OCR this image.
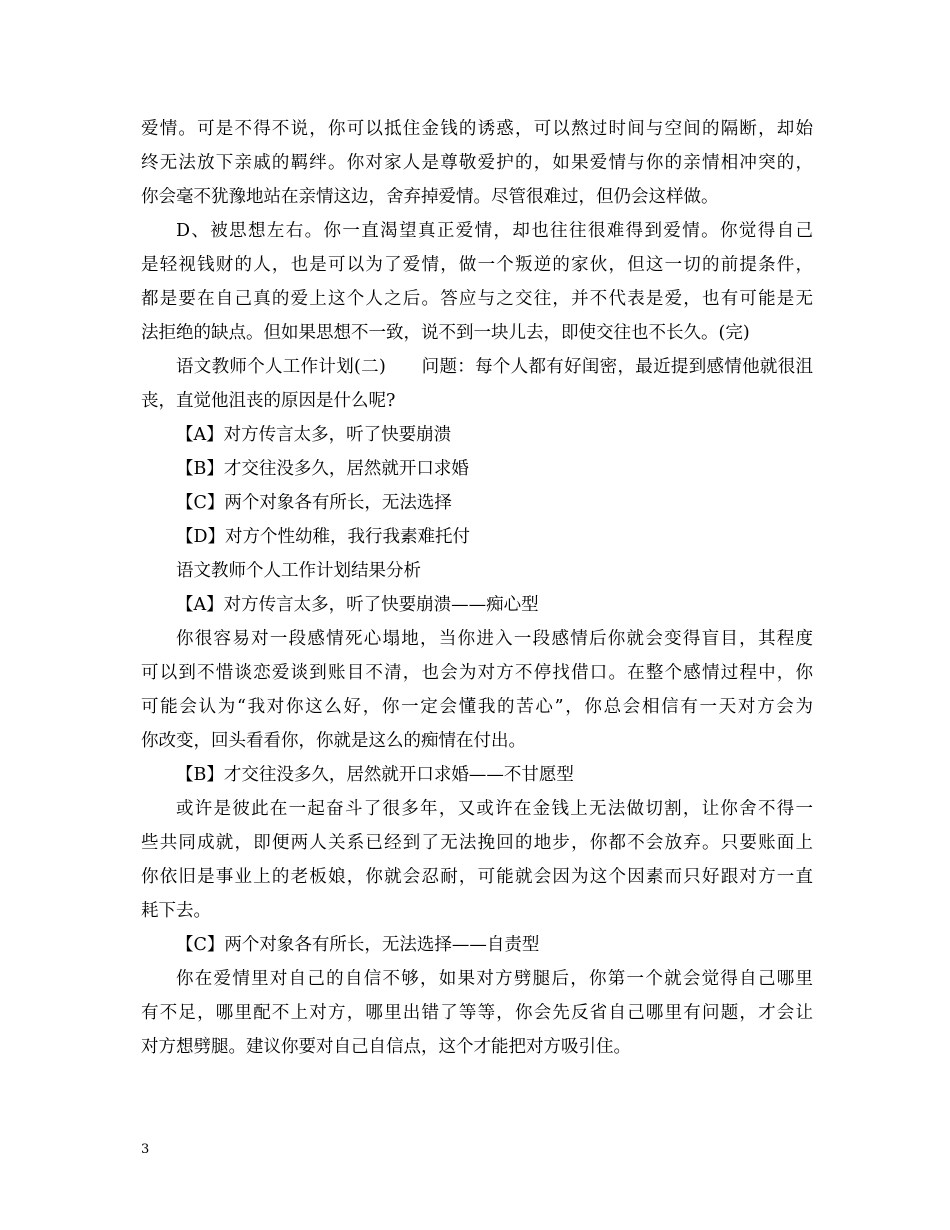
爱情。可是不得不说，你可以抵住金钱的诱惑，可以熬过时间与空间的隔断，却始
终无法放下亲戚的羁绊。你对家人是尊敬爱护的，如果爱情与你的亲情相冲突的，
你会毫不犹豫地站在亲情这边，舍弃掉爱情。尽管很难过，但仍会这样做。
D、被思想左右。你一直渴望真正爱情，却也往往很难得到爱情。你觉得自己
是轻视钱财的人，也是可以为了爱情，做一个叛逆的家伙，但这一切的前提条件，
都是要在自己真的爱上这个人之后。答应与之交往，并不代表是爱，也有可能是无
法拒绝的缺点。但如果思想不一致，说不到一块儿去，即使交往也不长久。(完)
语文教师个人工作计划(二)　　问题：每个人都有好闺密，最近提到感情他就很沮
丧，直觉他沮丧的原因是什么呢?
【A】对方传言太多，听了快要崩溃
【B】才交往没多久，居然就开口求婚
【C】两个对象各有所长，无法选择
【D】对方个性幼稚，我行我素难托付
语文教师个人工作计划结果分析
【A】对方传言太多，听了快要崩溃——痴心型
你很容易对一段感情死心塌地，当你进入一段感情后你就会变得盲目，其程度
可以到不惜谈恋爱谈到账目不清，也会为对方不停找借口。在整个感情过程中，你
可能会认为“我对你这么好，你一定会懂我的苦心”，你总会相信有一天对方会为
你改变，回头看看你，你就是这么的痴情在付出。
【B】才交往没多久，居然就开口求婚——不甘愿型
或许是彼此在一起奋斗了很多年，又或许在金钱上无法做切割，让你舍不得一
些共同成就，即便两人关系已经到了无法挽回的地步，你都不会放弃。只要账面上
你依旧是事业上的老板娘，你就会忍耐，可能就会因为这个因素而只好跟对方一直
耗下去。
【C】两个对象各有所长，无法选择——自责型
你在爱情里对自己的自信不够，如果对方劈腿后，你第一个就会觉得自己哪里
有不足，哪里配不上对方，哪里出错了等等，你会先反省自己哪里有问题，才会让
对方想劈腿。建议你要对自己自信点，这个才能把对方吸引住。
3
